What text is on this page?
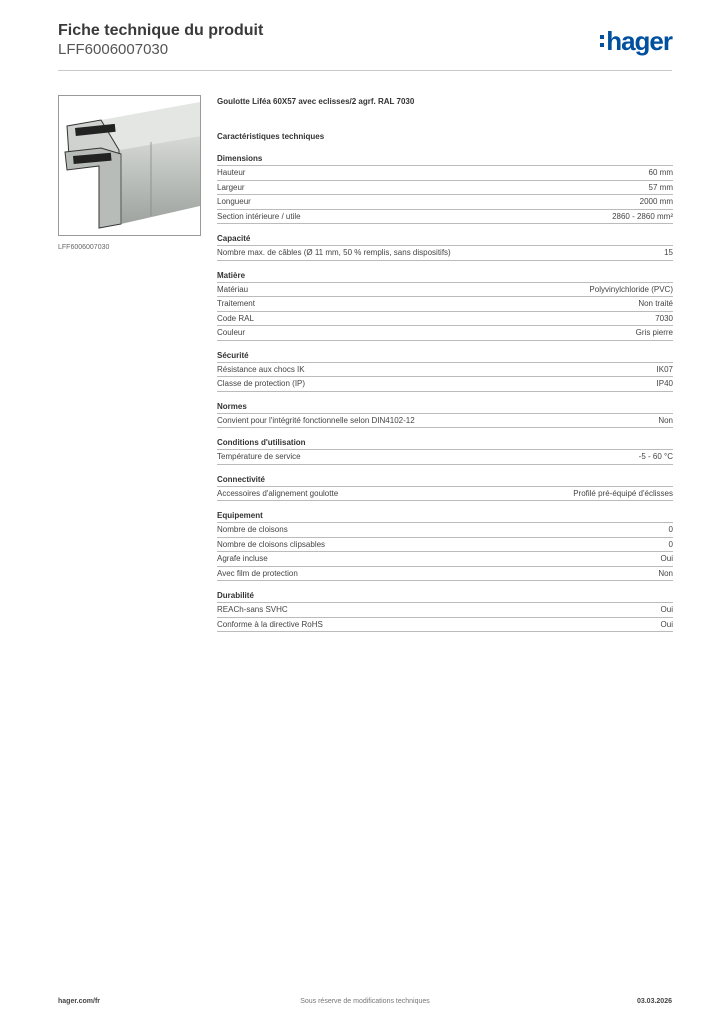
Fiche technique du produit
LFF6006007030	hager
LFF6006007030
Goulotte Liféa 60X57 avec eclisses/2 agrf. RAL 7030
Caractéristiques techniques
Dimensions
Hauteur	60 mm
Largeur	57 mm
Longueur	2000 mm
Section intérieure / utile	2860 - 2860 mm²
Capacité
Nombre max. de câbles (Ø 11 mm, 50 % remplis, sans dispositifs)	15
Matière
Matériau	Polyvinylchloride (PVC)
Traitement	Non traité
Code RAL	7030
Couleur	Gris pierre
Sécurité
Résistance aux chocs IK	IK07
Classe de protection (IP)	IP40
Normes
Convient pour l'intégrité fonctionnelle selon DIN4102-12	Non
Conditions d'utilisation
Température de service	-5 - 60 °C
Connectivité
Accessoires d'alignement goulotte	Profilé pré-équipé d'éclisses
Equipement
Nombre de cloisons	0
Nombre de cloisons clipsables	0
Agrafe incluse	Oui
Avec film de protection	Non
Durabilité
REACh-sans SVHC	Oui
Conforme à la directive RoHS	Oui
hager.com/fr	Sous réserve de modifications techniques	03.03.2026
